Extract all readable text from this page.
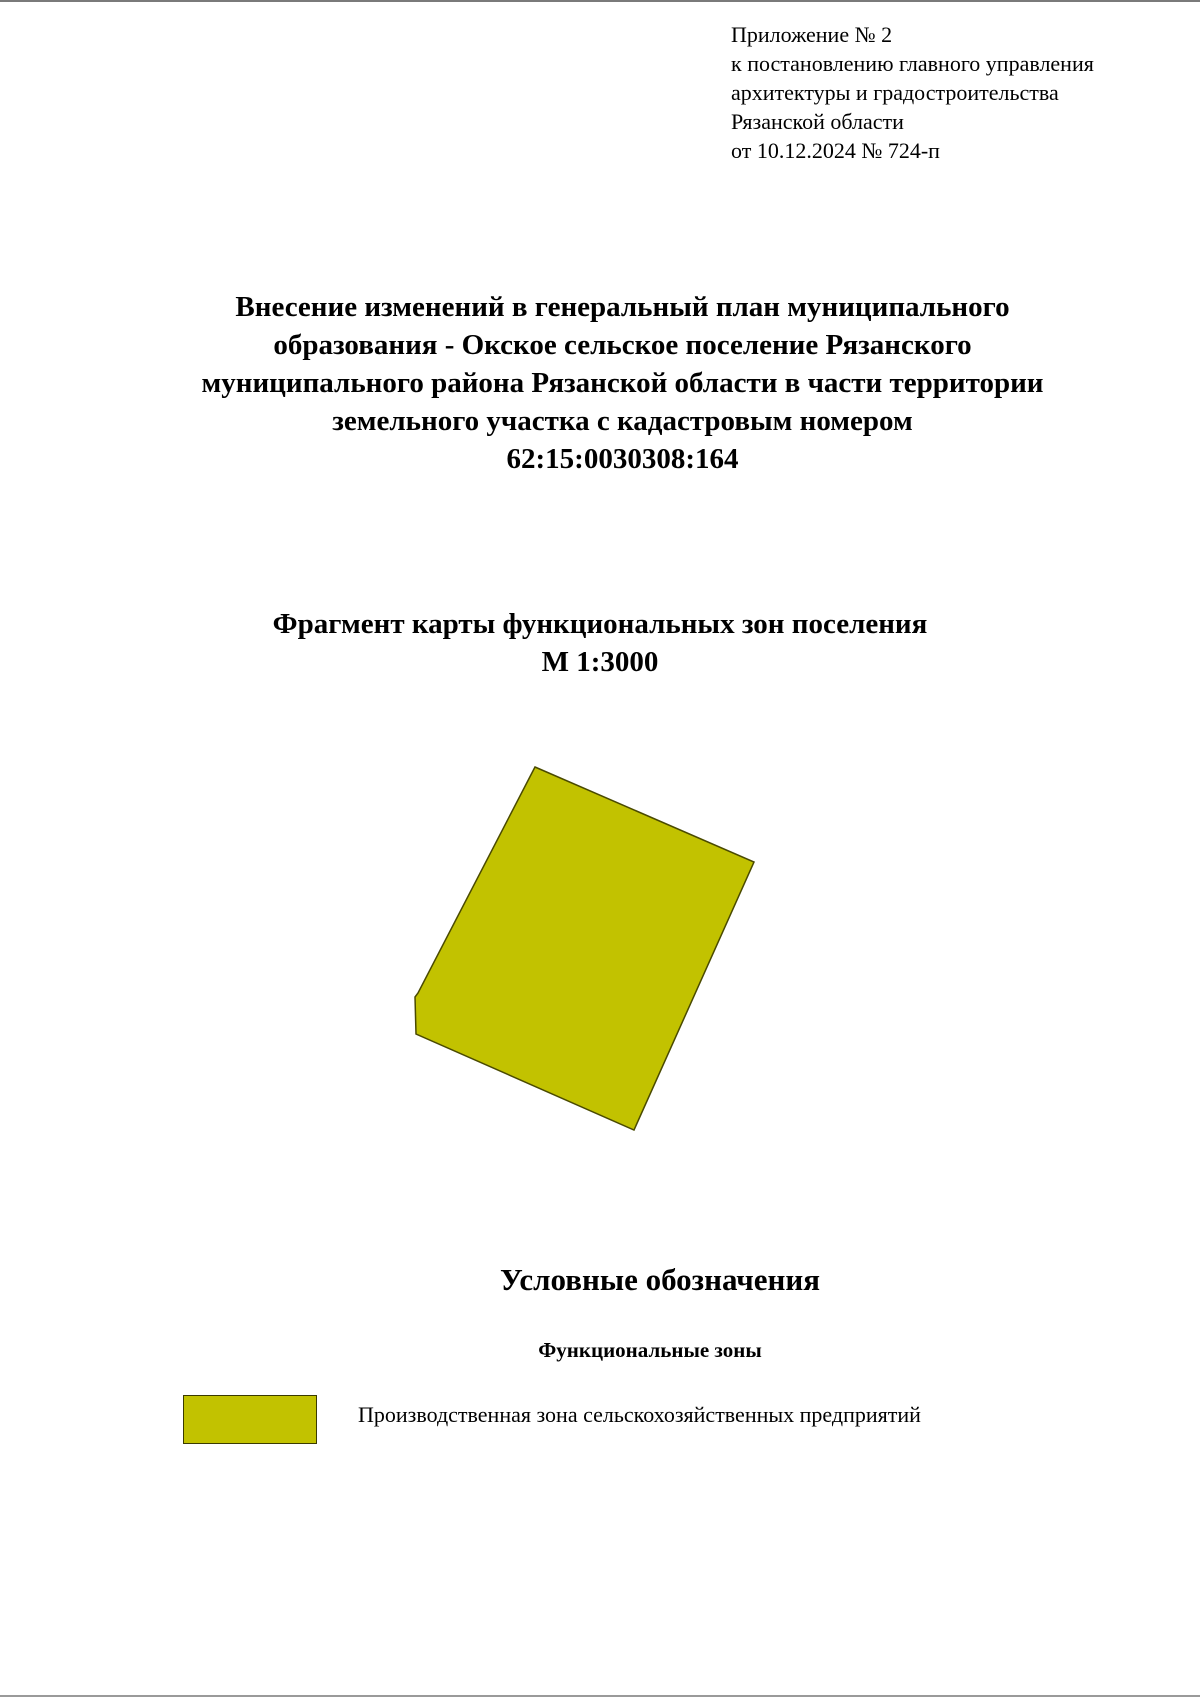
Приложение № 2
к постановлению главного управления
архитектуры и градостроительства
Рязанской области
от 10.12.2024 № 724-п
Внесение изменений в генеральный план муниципального
образования - Окское сельское поселение Рязанского
муниципального района Рязанской области в части территории
земельного участка с кадастровым номером
62:15:0030308:164
Фрагмент карты функциональных зон поселения
М 1:3000
Условные обозначения
Функциональные зоны
Производственная зона сельскохозяйственных предприятий
